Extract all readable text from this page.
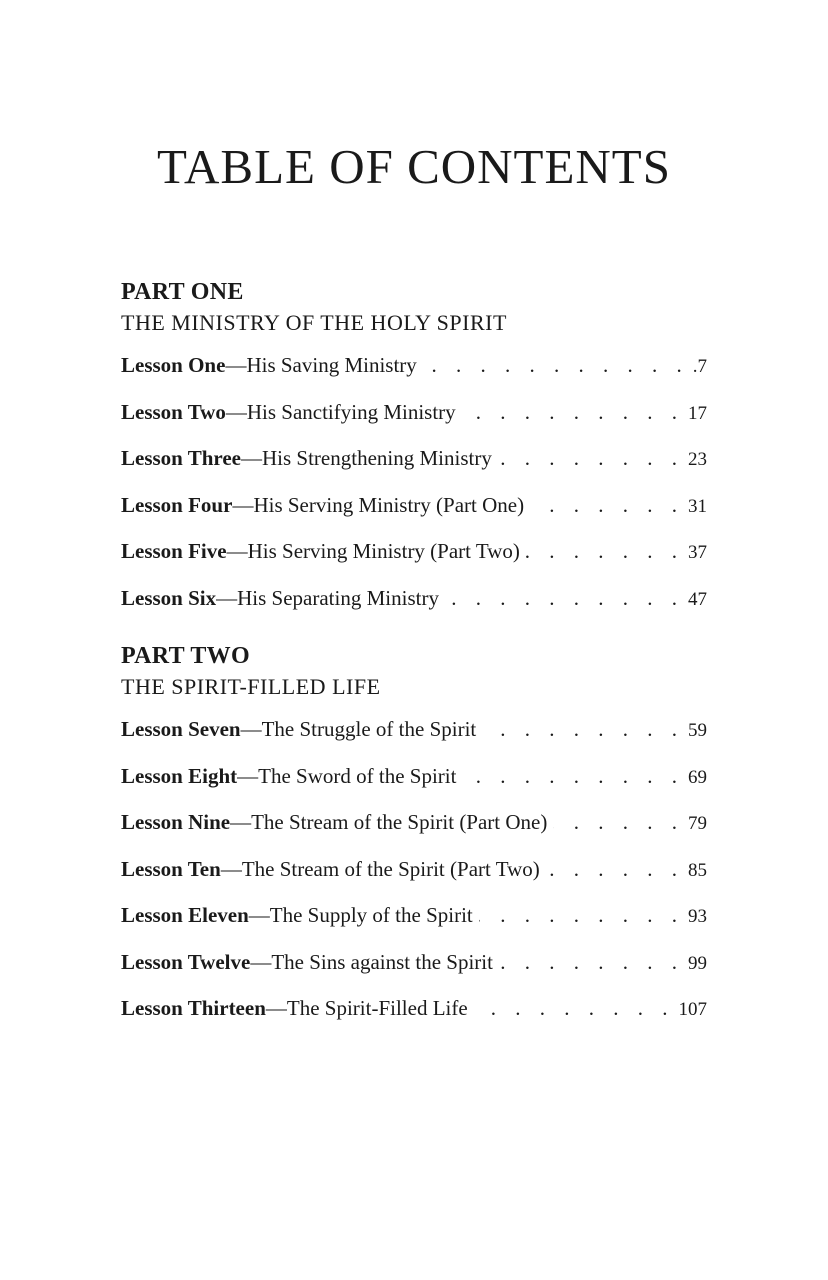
TABLE OF CONTENTS
PART ONE
THE MINISTRY OF THE HOLY SPIRIT
Lesson One—His Saving Ministry . . .	.7
Lesson Two—His Sanctifying Ministry . . .	17
Lesson Three—His Strengthening Ministry . . .	23
Lesson Four—His Serving Ministry (Part One) . . .	31
Lesson Five—His Serving Ministry (Part Two) . . .	37
Lesson Six—His Separating Ministry . . .	47
PART TWO
THE SPIRIT-FILLED LIFE
Lesson Seven—The Struggle of the Spirit . . .	59
Lesson Eight—The Sword of the Spirit . . .	69
Lesson Nine—The Stream of the Spirit (Part One) . . .	79
Lesson Ten—The Stream of the Spirit (Part Two) . . .	85
Lesson Eleven—The Supply of the Spirit . . .	93
Lesson Twelve—The Sins against the Spirit . . .	99
Lesson Thirteen—The Spirit-Filled Life . . .	107
